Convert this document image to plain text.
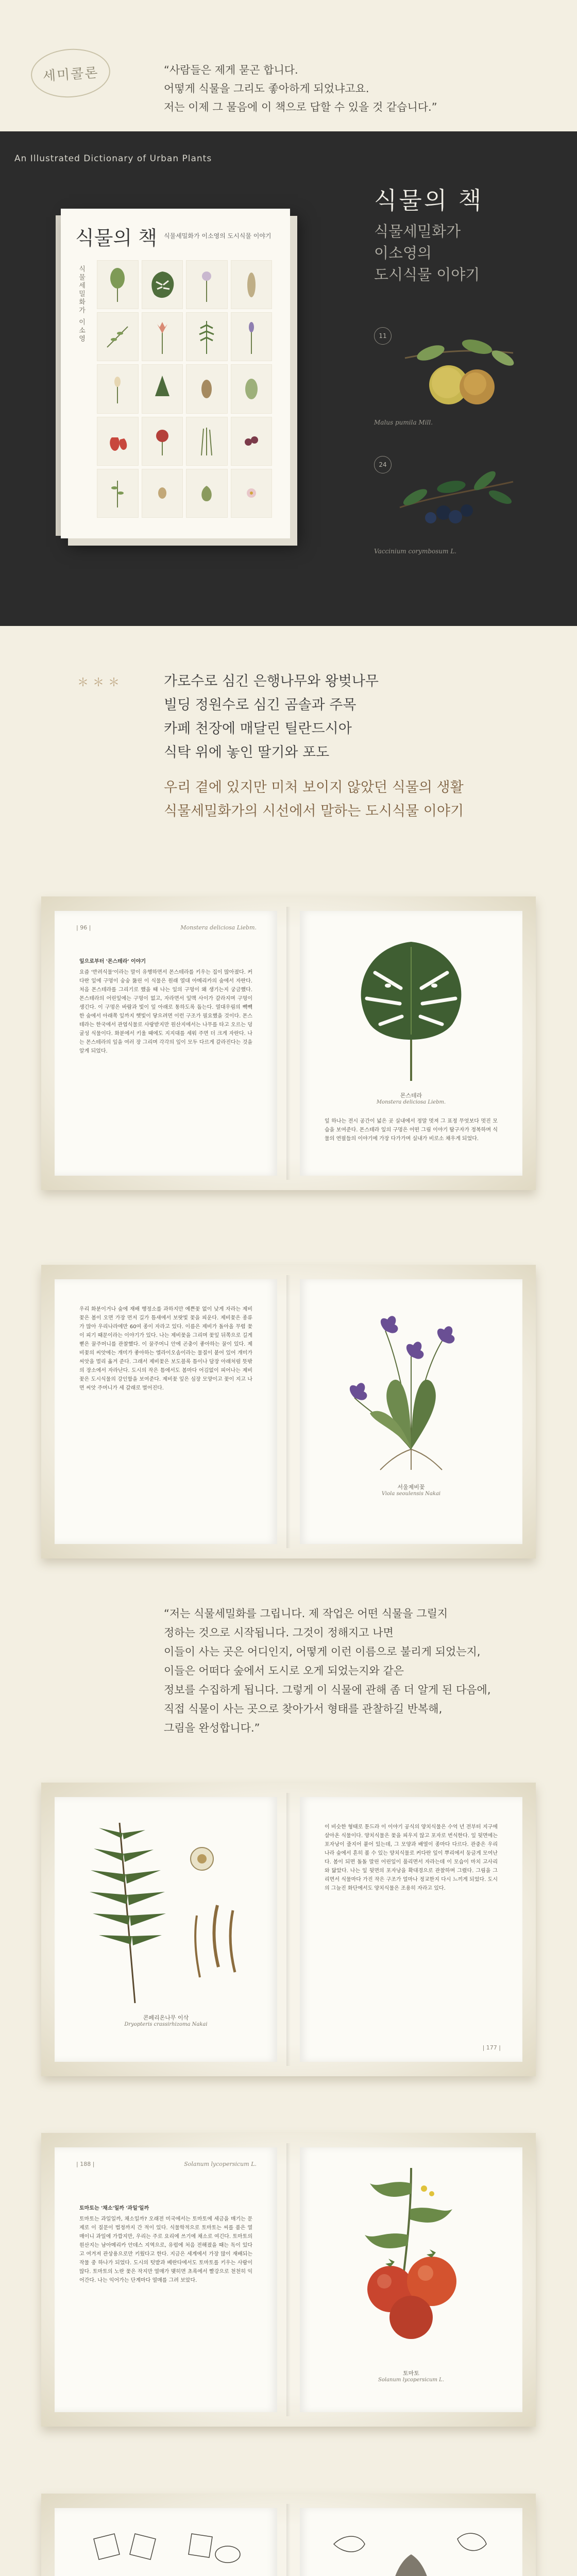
세미콜론	“사람들은 제게 묻곤 합니다.

어떻게 식물을 그리도 좋아하게 되었냐고요.

저는 이제 그 물음에 이 책으로 답할 수 있을 것 같습니다.”

An Illustrated Dictionary of Urban Plants
식물의 책 식물세밀화가 이소영의 도시식물 이야기
식물세밀화가 이소영
식물의 책
식물세밀화가
이소영의
도시식물 이야기
11
Malus pumila Mill.
24
Vaccinium corymbosum L.
＊＊＊	가로수로 심긴 은행나무와 왕벚나무

빌딩 정원수로 심긴 곰솔과 주목

카페 천장에 매달린 틸란드시아

식탁 위에 놓인 딸기와 포도

우리 곁에 있지만 미처 보이지 않았던 식물의 생활

식물세밀화가의 시선에서 말하는 도시식물 이야기

| 96 |	Monstera deliciosa Liebm.
잎으로부터 '몬스테라' 이야기
요즘 '반려식물'이라는 말이 유행하면서 몬스테라를 키우는 집이 많아졌다. 커다란 잎에 구멍이 숭숭 뚫린 이 식물은 원래 열대 아메리카의 숲에서 자란다. 처음 몬스테라를 그리기로 했을 때 나는 잎의 구멍이 왜 생기는지 궁금했다. 몬스테라의 어린잎에는 구멍이 없고, 자라면서 잎맥 사이가 갈라지며 구멍이 생긴다. 이 구멍은 바람과 빛이 잎 아래로 통하도록 돕는다. 열대우림의 빽빽한 숲에서 아래쪽 잎까지 햇빛이 닿으려면 이런 구조가 필요했을 것이다. 몬스테라는 한국에서 관엽식물로 사랑받지만 원산지에서는 나무를 타고 오르는 덩굴성 식물이다. 화분에서 키울 때에도 지지대를 세워 주면 더 크게 자란다. 나는 몬스테라의 잎을 여러 장 그리며 각각의 잎이 모두 다르게 갈라진다는 것을 알게 되었다.
몬스테라
Monstera deliciosa Liebm.
잎 하나는 전시 공간이 넓은 곳 실내에서 정말 멋져 그 표정 무엇보다 멋진 모습을 보여준다. 몬스테라 잎의 구멍은 어떤 그림 이야기 탐구자가 정복하며 식물의 연필들의 이야기에 가장 다가가며 실내가 비로소 채우게 되었다.
우리 화분이거나 숲에 재배 행정소를 과하지만 예쁜꽃 없이 낮게 자라는 제비꽃은 봄이 오면 가장 먼저 길가 틈새에서 보랏빛 꽃을 피운다. 제비꽃은 종류가 많아 우리나라에만 60여 종이 자라고 있다. 이름은 제비가 돌아올 무렵 꽃이 피기 때문이라는 이야기가 있다. 나는 제비꽃을 그리며 꽃잎 뒤쪽으로 길게 뻗은 꿀주머니를 관찰했다. 이 꿀주머니 안에 곤충이 좋아하는 꿀이 있다. 제비꽃의 씨앗에는 개미가 좋아하는 엘라이오솜이라는 물질이 붙어 있어 개미가 씨앗을 멀리 옮겨 준다. 그래서 제비꽃은 보도블록 틈이나 담장 아래처럼 뜻밖의 장소에서 자라난다. 도시의 작은 틈에서도 봄마다 어김없이 피어나는 제비꽃은 도시식물의 강인함을 보여준다. 제비꽃 잎은 심장 모양이고 꽃이 지고 나면 씨앗 주머니가 세 갈래로 벌어진다.
서울제비꽃
Viola seoulensis Nakai

“저는 식물세밀화를 그립니다. 제 작업은 어떤 식물을 그릴지

정하는 것으로 시작됩니다. 그것이 정해지고 나면

이들이 사는 곳은 어디인지, 어떻게 이런 이름으로 불리게 되었는지,

이들은 어떠다 숲에서 도시로 오게 되었는지와 같은

정보를 수집하게 됩니다. 그렇게 이 식물에 관해 좀 더 알게 된 다음에,

직접 식물이 사는 곳으로 찾아가서 형태를 관찰하길 반복해,

그림을 완성합니다.”

콘페리온나무 이삭
Dryopteris crassirhizoma Nakai
이 비슷한 형태로 툰드라 이 이야기 공식의 양치식물은 수억 년 전부터 지구에 살아온 식물이다. 양치식물은 꽃을 피우지 않고 포자로 번식한다. 잎 뒷면에는 포자낭이 줄지어 붙어 있는데, 그 모양과 배열이 종마다 다르다. 관중은 우리나라 숲에서 흔히 볼 수 있는 양치식물로 커다란 잎이 뿌리에서 둥글게 모여난다. 봄이 되면 돌돌 말린 어린잎이 풀리면서 자라는데 이 모습이 마치 고사리와 닮았다. 나는 잎 뒷면의 포자낭을 확대경으로 관찰하며 그렸다. 그림을 그리면서 식물마다 가진 작은 구조가 얼마나 정교한지 다시 느끼게 되었다. 도시의 그늘진 화단에서도 양치식물은 조용히 자라고 있다.
| 177 |
| 188 |	Solanum lycopersicum L.
토마토는 '채소'일까 '과일'일까
토마토는 과일일까, 채소일까? 오래전 미국에서는 토마토에 세금을 매기는 문제로 이 질문이 법정까지 간 적이 있다. 식물학적으로 토마토는 씨를 품은 열매이니 과일에 가깝지만, 우리는 주로 요리에 쓰기에 채소로 여긴다. 토마토의 원산지는 남아메리카 안데스 지역으로, 유럽에 처음 전해졌을 때는 독이 있다고 여겨져 관상용으로만 키웠다고 한다. 지금은 세계에서 가장 많이 재배되는 작물 중 하나가 되었다. 도시의 텃밭과 베란다에서도 토마토를 키우는 사람이 많다. 토마토의 노란 꽃은 작지만 열매가 맺히면 초록에서 빨강으로 천천히 익어간다. 나는 익어가는 단계마다 열매를 그려 보았다.
토마토
Solanum lycopersicum L.
